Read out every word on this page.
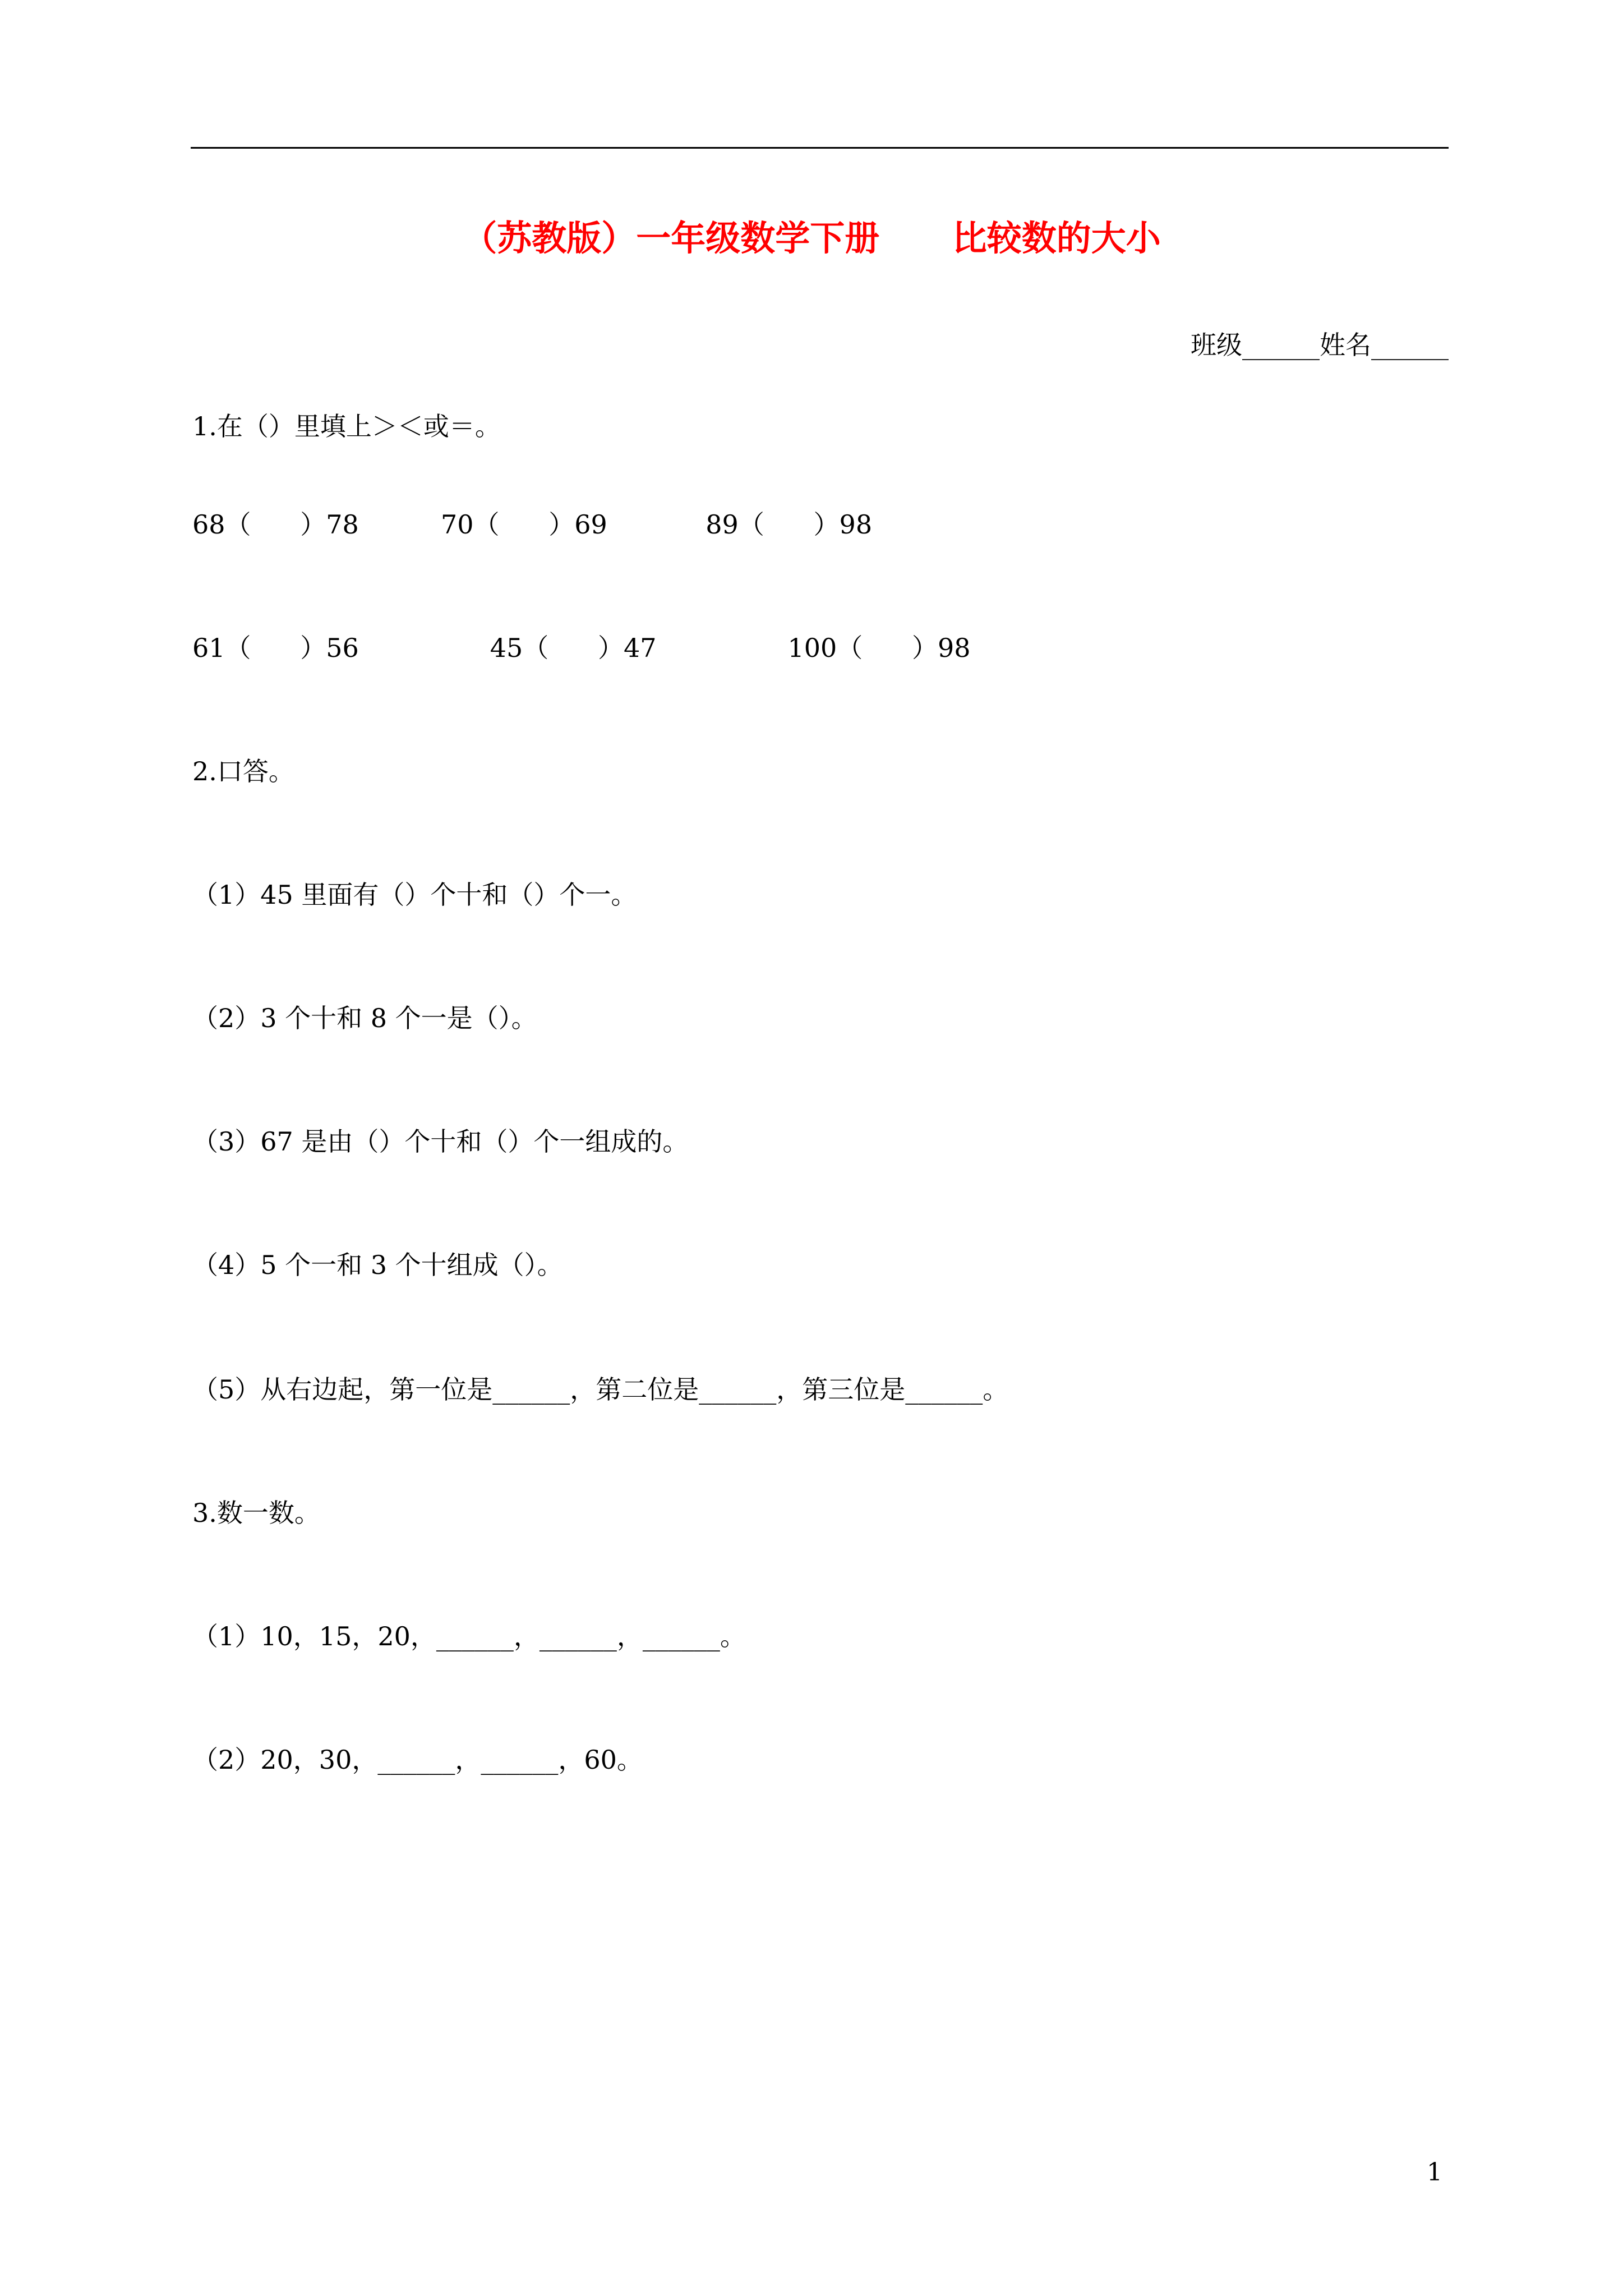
（苏教版）一年级数学下册      比较数的大小
班级______姓名______
1.在（）里填上＞＜或＝。
68（      ）78          70（      ）69            89（      ）98
61（      ）56                45（      ）47                100（      ）98
2.口答。
（1）45 里面有（）个十和（）个一。
（2）3 个十和 8 个一是（）。
（3）67 是由（）个十和（）个一组成的。
（4）5 个一和 3 个十组成（）。
（5）从右边起，第一位是______，第二位是______，第三位是______。
3.数一数。
（1）10，15，20，______，______，______。
（2）20，30，______，______，60。
1
